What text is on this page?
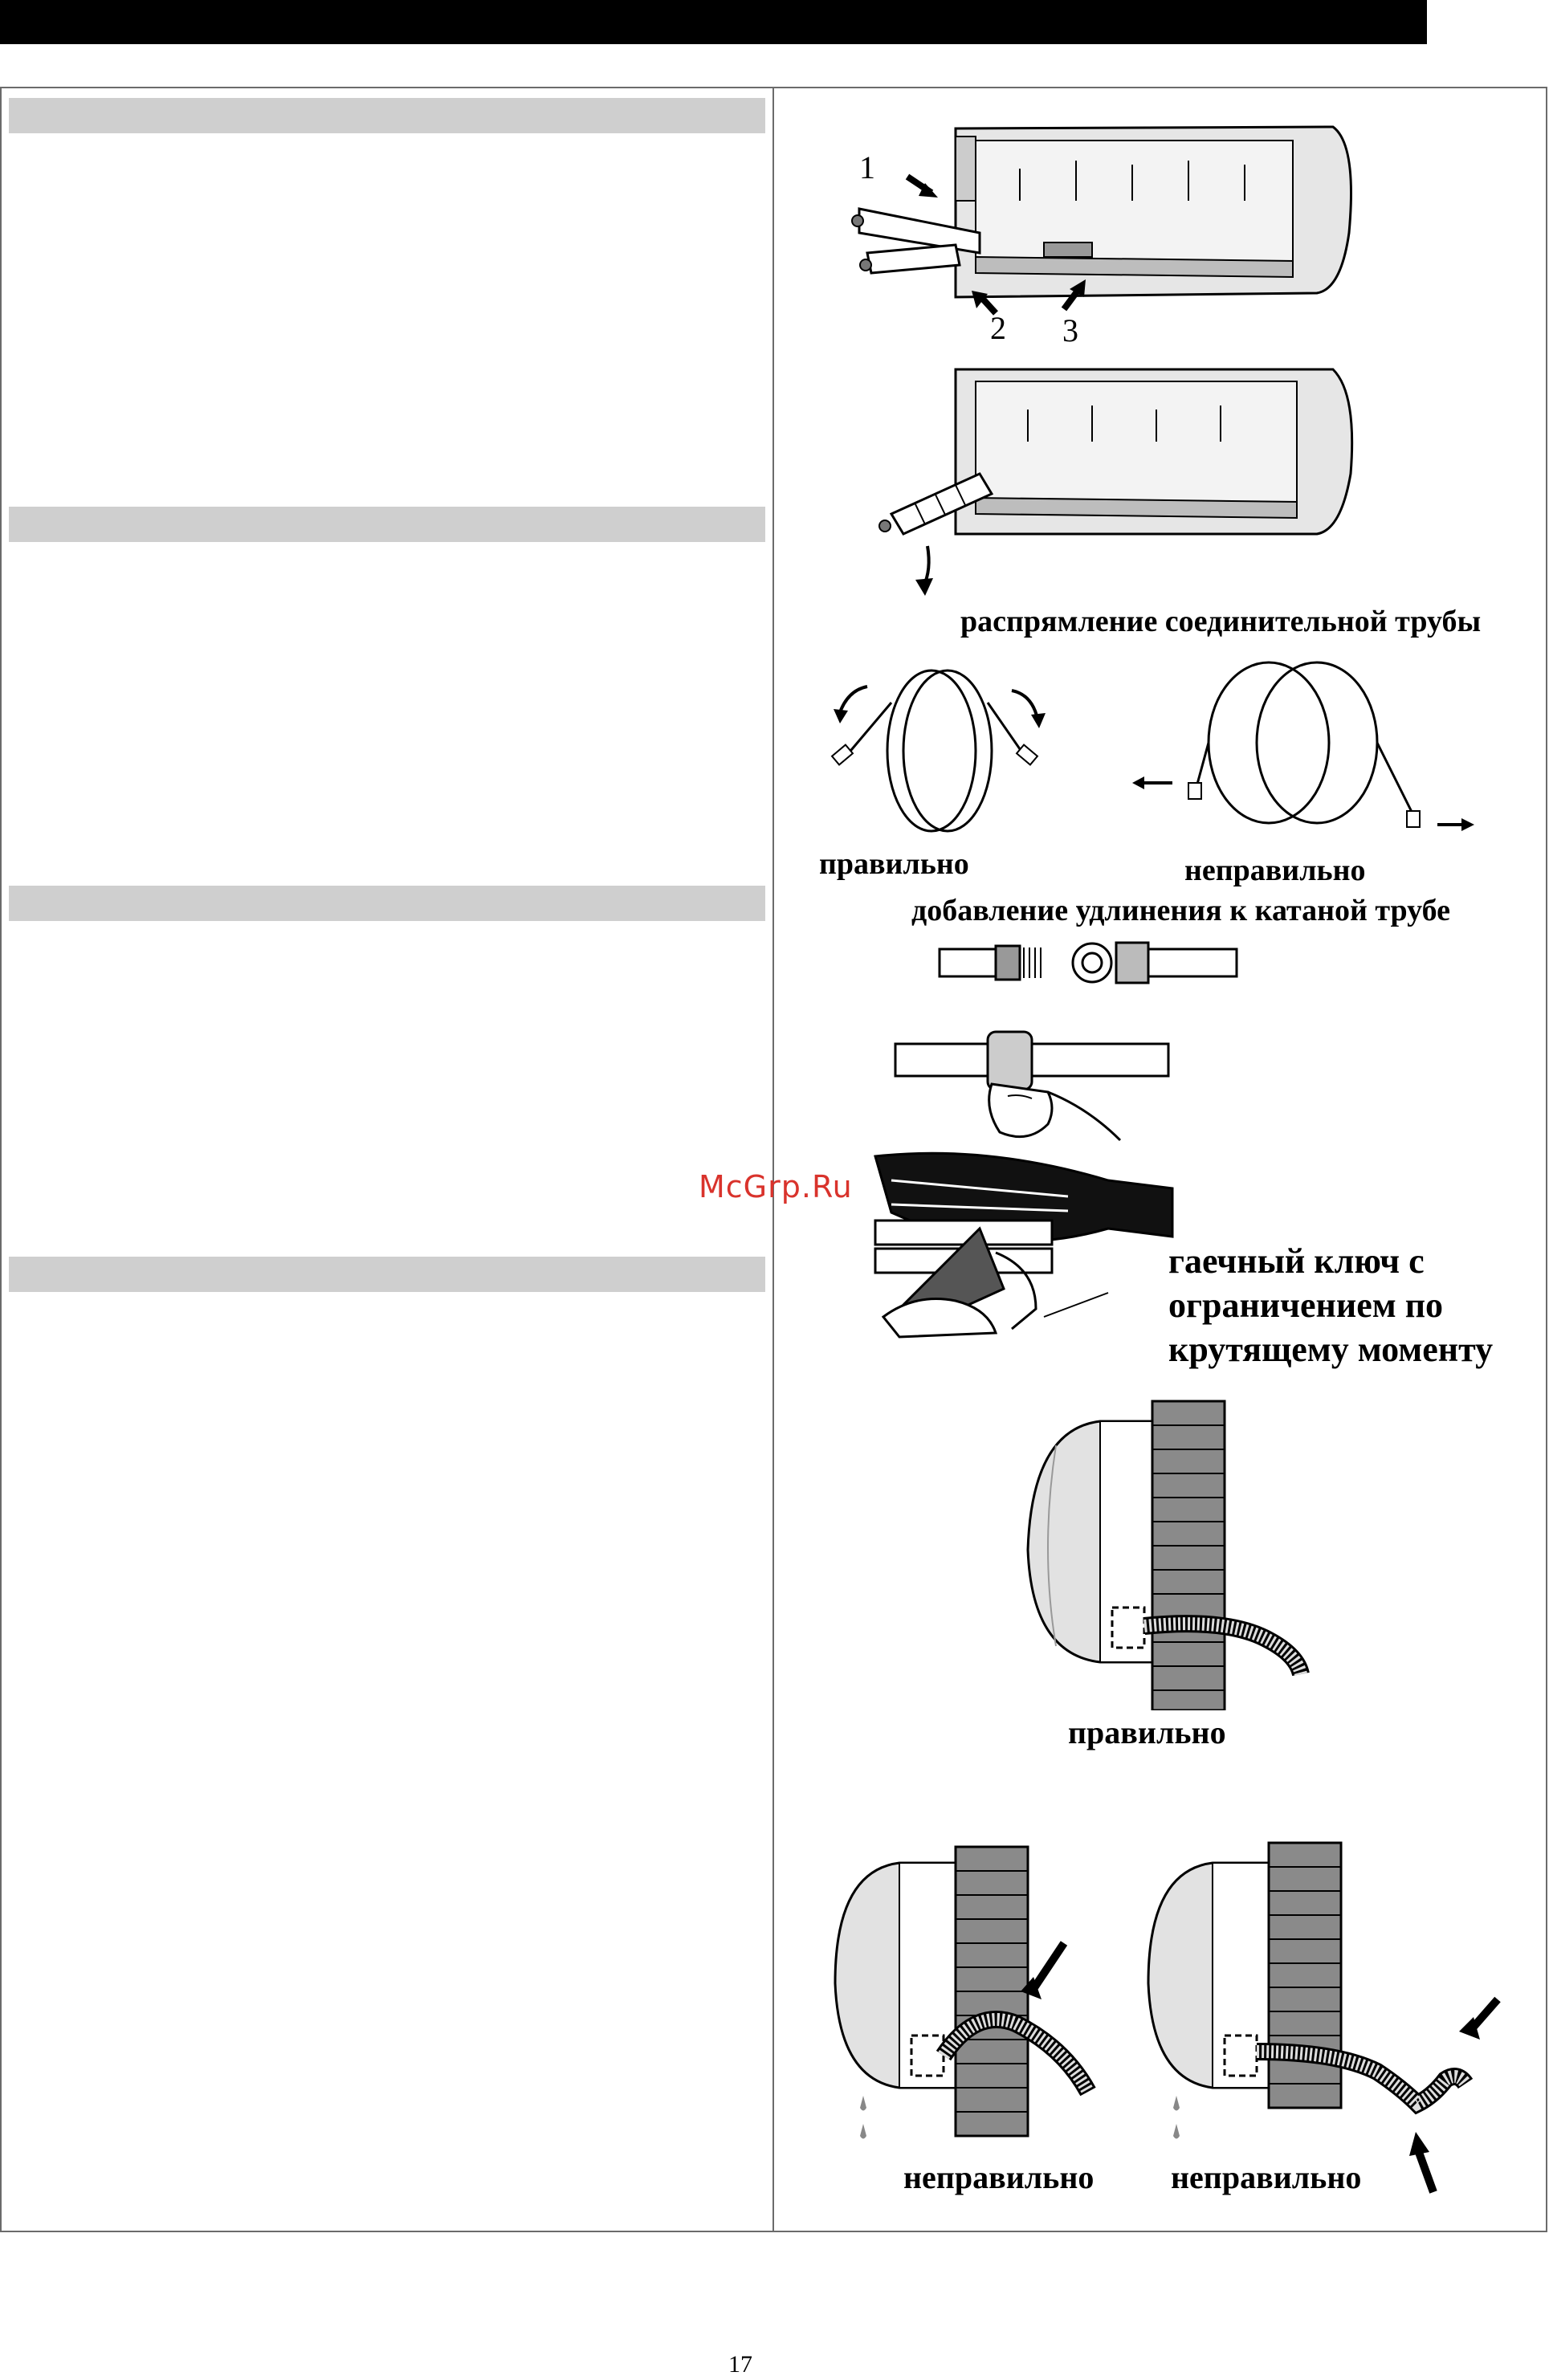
1
2 3
распрямление соединительной трубы
правильно	неправильно
добавление удлинения к катаной трубе
гаечный ключ с
ограничением по
крутящему моменту
McGrp.Ru
правильно
неправильно неправильно
17
